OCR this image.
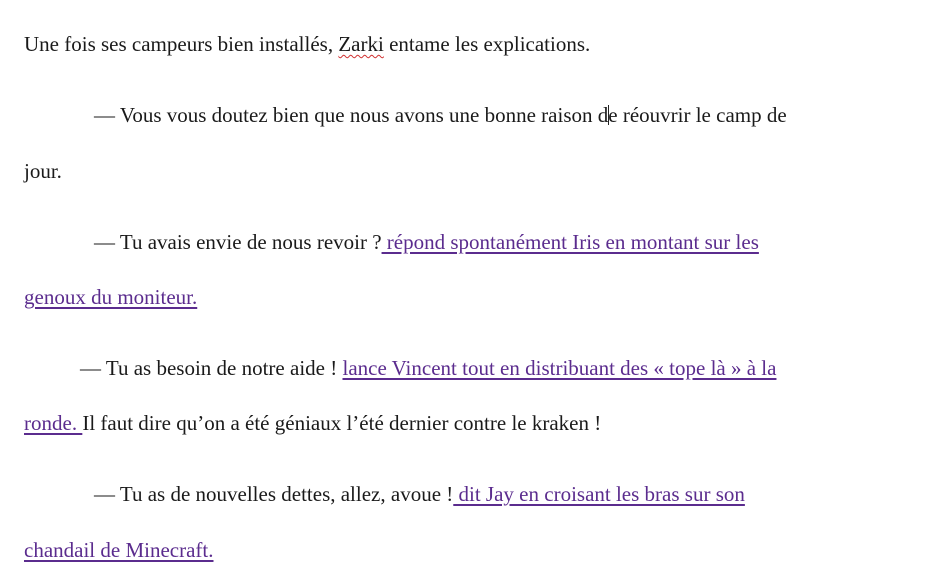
Une fois ses campeurs bien installés, Zarki entame les explications.
— Vous vous doutez bien que nous avons une bonne raison de réouvrir le camp de
jour.
— Tu avais envie de nous revoir ? répond spontanément Iris en montant sur les
genoux du moniteur.
— Tu as besoin de notre aide ! lance Vincent tout en distribuant des « tope là » à la
ronde. Il faut dire qu’on a été géniaux l’été dernier contre le kraken !
— Tu as de nouvelles dettes, allez, avoue ! dit Jay en croisant les bras sur son
chandail de Minecraft.
